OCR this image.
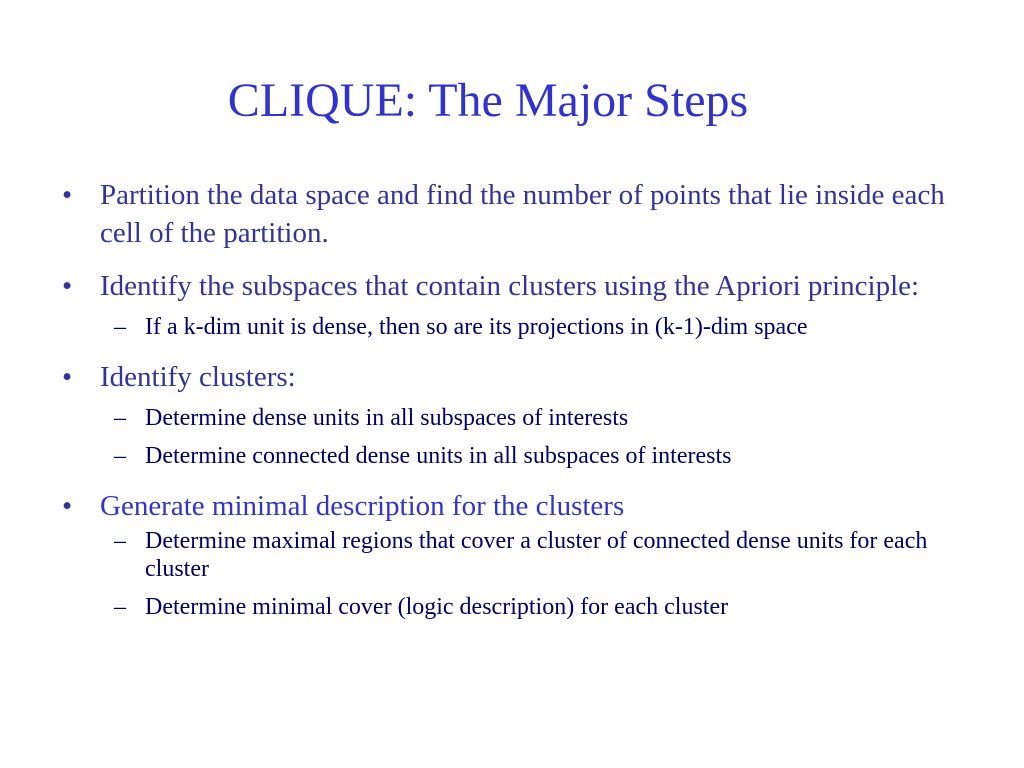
CLIQUE: The Major Steps
• Partition the data space and find the number of points that lie inside each cell of the partition.
• Identify the subspaces that contain clusters using the Apriori principle:
– If a k-dim unit is dense, then so are its projections in (k-1)-dim space
• Identify clusters:
– Determine dense units in all subspaces of interests
– Determine connected dense units in all subspaces of interests
• Generate minimal description for the clusters
– Determine maximal regions that cover a cluster of connected dense units for each cluster
– Determine minimal cover (logic description) for each cluster
